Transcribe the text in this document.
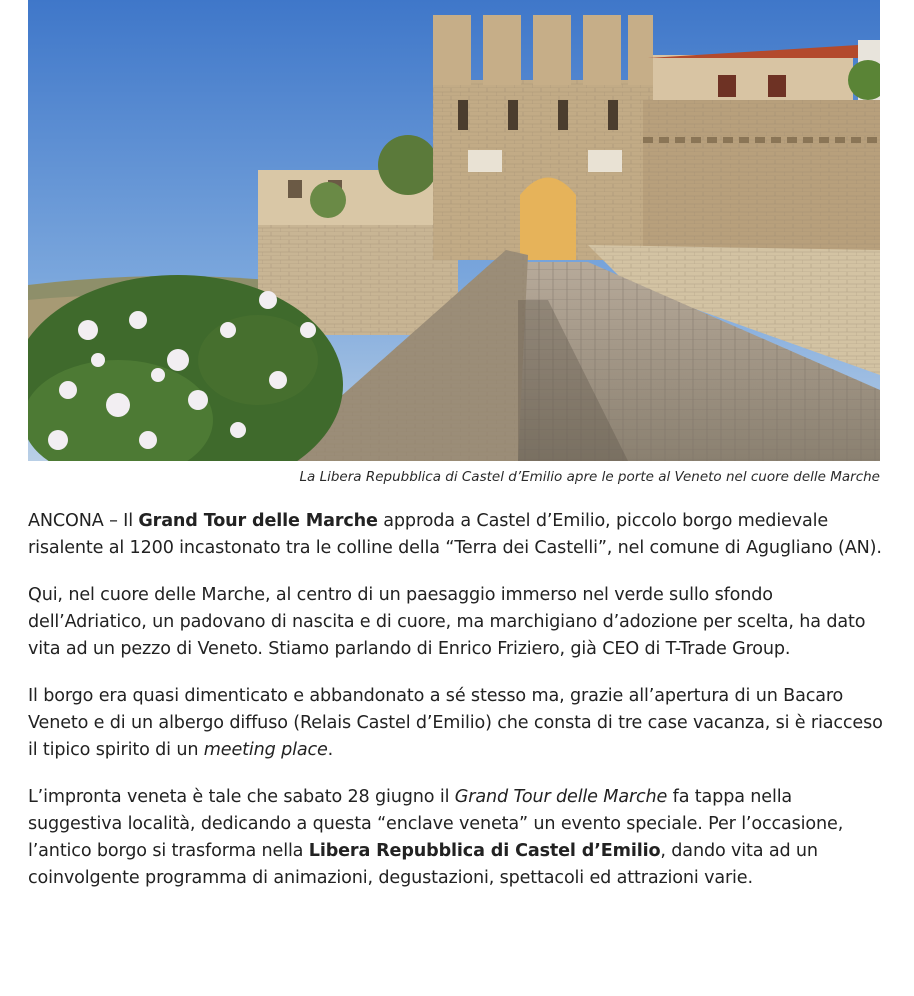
La Libera Repubblica di Castel d’Emilio apre le porte al Veneto nel cuore delle Marche

ANCONA – Il Grand Tour delle Marche approda a Castel d’Emilio, piccolo borgo medievale risalente al 1200 incastonato tra le colline della “Terra dei Castelli”, nel comune di Agugliano (AN).

Qui, nel cuore delle Marche, al centro di un paesaggio immerso nel verde sullo sfondo dell’Adriatico, un padovano di nascita e di cuore, ma marchigiano d’adozione per scelta, ha dato vita ad un pezzo di Veneto. Stiamo parlando di Enrico Friziero, già CEO di T-Trade Group.

Il borgo era quasi dimenticato e abbandonato a sé stesso ma, grazie all’apertura di un Bacaro Veneto e di un albergo diffuso (Relais Castel d’Emilio) che consta di tre case vacanza, si è riacceso il tipico spirito di un meeting place.

L’impronta veneta è tale che sabato 28 giugno il Grand Tour delle Marche fa tappa nella suggestiva località, dedicando a questa “enclave veneta” un evento speciale. Per l’occasione, l’antico borgo si trasforma nella Libera Repubblica di Castel d’Emilio, dando vita ad un coinvolgente programma di animazioni, degustazioni, spettacoli ed attrazioni varie.
